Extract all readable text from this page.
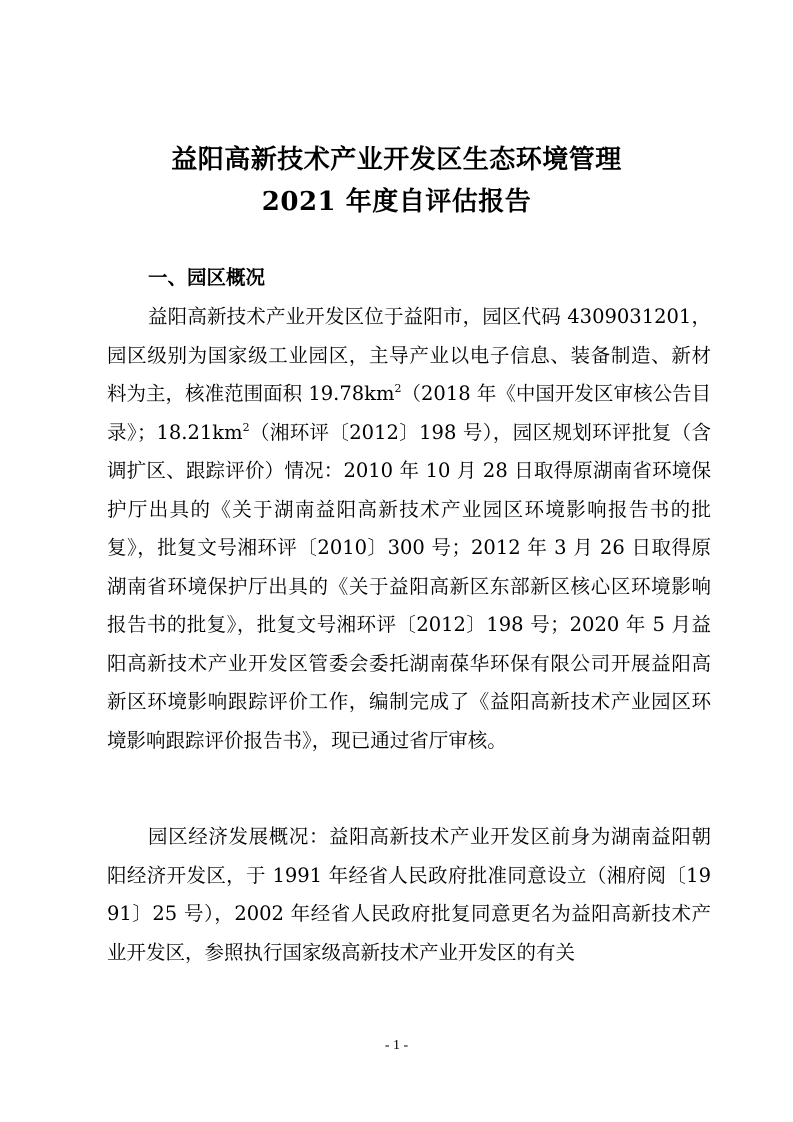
益阳高新技术产业开发区生态环境管理
2021 年度自评估报告
一、园区概况

益阳高新技术产业开发区位于益阳市，园区代码 4309031201，园区级别为国家级工业园区，主导产业以电子信息、装备制造、新材料为主，核准范围面积 $19.78km^2(2018$ 年《中国开发区审核公告目录》；$18.21km^2$（湘环评〔2012〕198 号），园区规划环评批复（含调扩区、跟踪评价）情况：2010 年 10 月 28 日取得原湖南省环境保护厅出具的《关于湖南益阳高新技术产业园区环境影响报告书的批复》，批复文号湘环评〔2010〕300 号；2012 年 3 月 26 日取得原湖南省环境保护厅出具的《关于益阳高新区东部新区核心区环境影响报告书的批复》，批复文号湘环评〔2012〕198 号；2020 年 5 月益阳高新技术产业开发区管委会委托湖南葆华环保有限公司开展益阳高新区环境影响跟踪评价工作，编制完成了《益阳高新技术产业园区环境影响跟踪评价报告书》，现已通过省厅审核。

园区经济发展概况：益阳高新技术产业开发区前身为湖南益阳朝阳经济开发区，于 1991 年经省人民政府批准同意设立（湘府阅〔1991〕25 号），2002 年经省人民政府批复同意更名为益阳高新技术产业开发区，参照执行国家级高新技术产业开发区的有关

- 1 -
